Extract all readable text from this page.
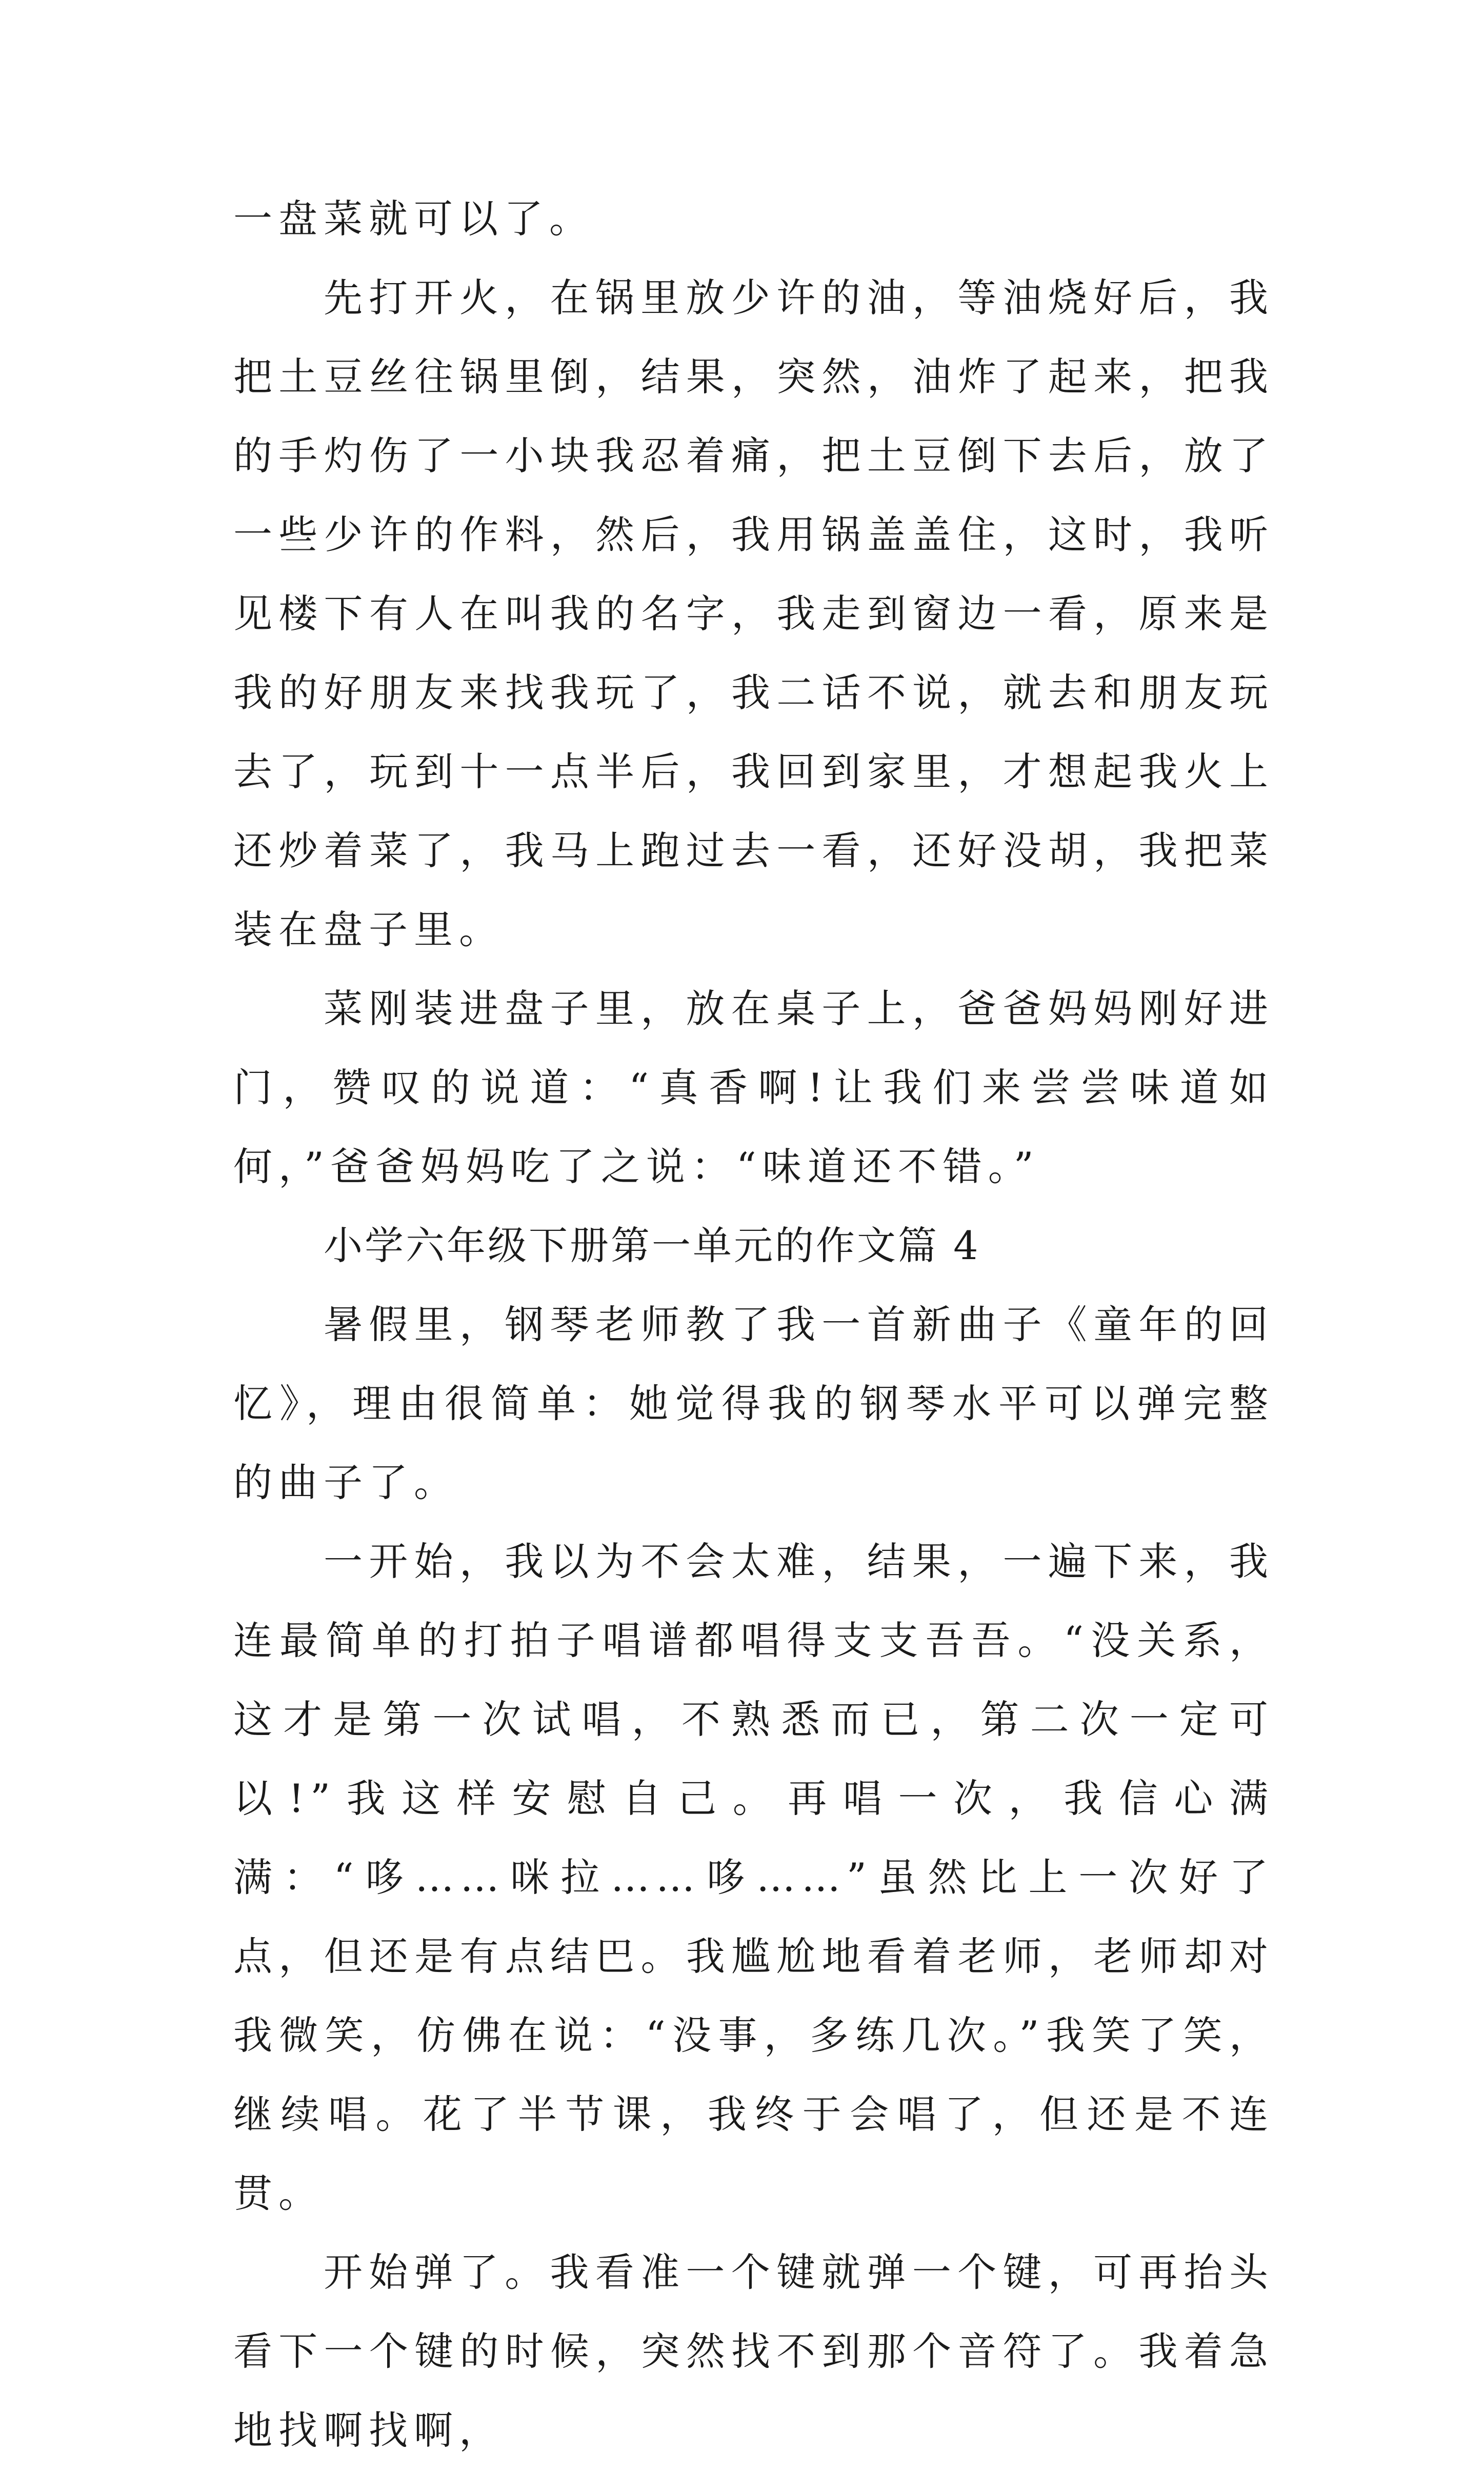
一盘菜就可以了。

先打开火，在锅里放少许的油，等油烧好后，我把土豆丝往锅里倒，结果，突然，油炸了起来，把我的手灼伤了一小块我忍着痛，把土豆倒下去后，放了一些少许的作料，然后，我用锅盖盖住，这时，我听见楼下有人在叫我的名字，我走到窗边一看，原来是我的好朋友来找我玩了，我二话不说，就去和朋友玩去了，玩到十一点半后，我回到家里，才想起我火上还炒着菜了，我马上跑过去一看，还好没胡，我把菜装在盘子里。

菜刚装进盘子里，放在桌子上，爸爸妈妈刚好进门，赞叹的说道：“真香啊!让我们来尝尝味道如何，”爸爸妈妈吃了之说：“味道还不错。”

小学六年级下册第一单元的作文篇 4

暑假里，钢琴老师教了我一首新曲子《童年的回忆》，理由很简单：她觉得我的钢琴水平可以弹完整的曲子了。

一开始，我以为不会太难，结果，一遍下来，我连最简单的打拍子唱谱都唱得支支吾吾。“没关系，这才是第一次试唱，不熟悉而已，第二次一定可以!”我这样安慰自己。再唱一次，我信心满满：“哆……咪拉……哆……”虽然比上一次好了点，但还是有点结巴。我尴尬地看着老师，老师却对我微笑，仿佛在说：“没事，多练几次。”我笑了笑，继续唱。花了半节课，我终于会唱了，但还是不连贯。

开始弹了。我看准一个键就弹一个键，可再抬头看下一个键的时候，突然找不到那个音符了。我着急地找啊找啊，
